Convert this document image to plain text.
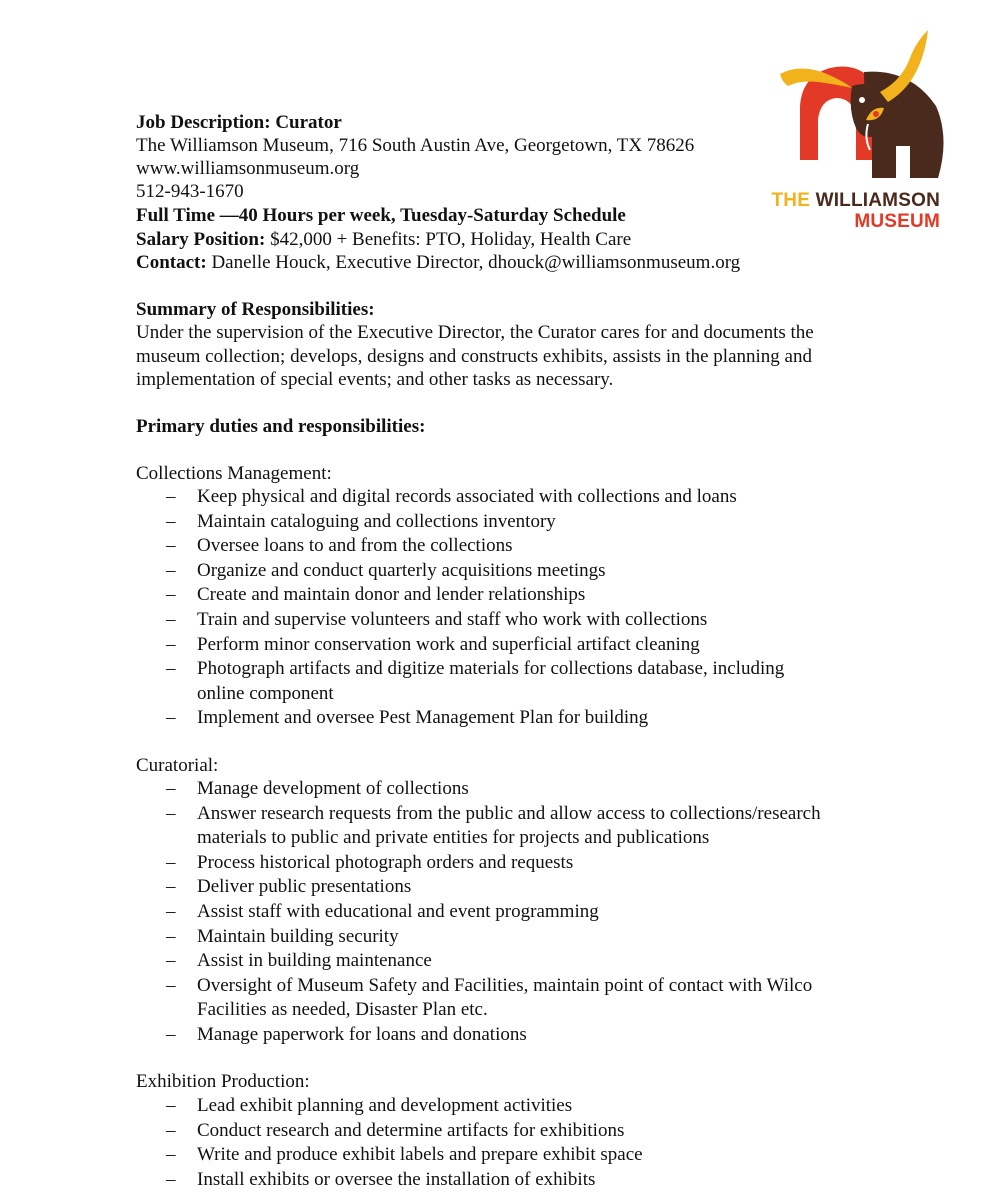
THE WILLIAMSON
MUSEUM
Job Description: Curator
The Williamson Museum, 716 South Austin Ave, Georgetown, TX 78626
www.williamsonmuseum.org
512-943-1670
Full Time —40 Hours per week, Tuesday-Saturday Schedule
Salary Position: $42,000 + Benefits: PTO, Holiday, Health Care
Contact: Danelle Houck, Executive Director, dhouck@williamsonmuseum.org
Summary of Responsibilities:
Under the supervision of the Executive Director, the Curator cares for and documents the
museum collection; develops, designs and constructs exhibits, assists in the planning and
implementation of special events; and other tasks as necessary.
Primary duties and responsibilities:
Collections Management:
– Keep physical and digital records associated with collections and loans
– Maintain cataloguing and collections inventory
– Oversee loans to and from the collections
– Organize and conduct quarterly acquisitions meetings
– Create and maintain donor and lender relationships
– Train and supervise volunteers and staff who work with collections
– Perform minor conservation work and superficial artifact cleaning
– Photograph artifacts and digitize materials for collections database, including
online component
– Implement and oversee Pest Management Plan for building
Curatorial:
– Manage development of collections
– Answer research requests from the public and allow access to collections/research
materials to public and private entities for projects and publications
– Process historical photograph orders and requests
– Deliver public presentations
– Assist staff with educational and event programming
– Maintain building security
– Assist in building maintenance
– Oversight of Museum Safety and Facilities, maintain point of contact with Wilco
Facilities as needed, Disaster Plan etc.
– Manage paperwork for loans and donations
Exhibition Production:
– Lead exhibit planning and development activities
– Conduct research and determine artifacts for exhibitions
– Write and produce exhibit labels and prepare exhibit space
– Install exhibits or oversee the installation of exhibits
